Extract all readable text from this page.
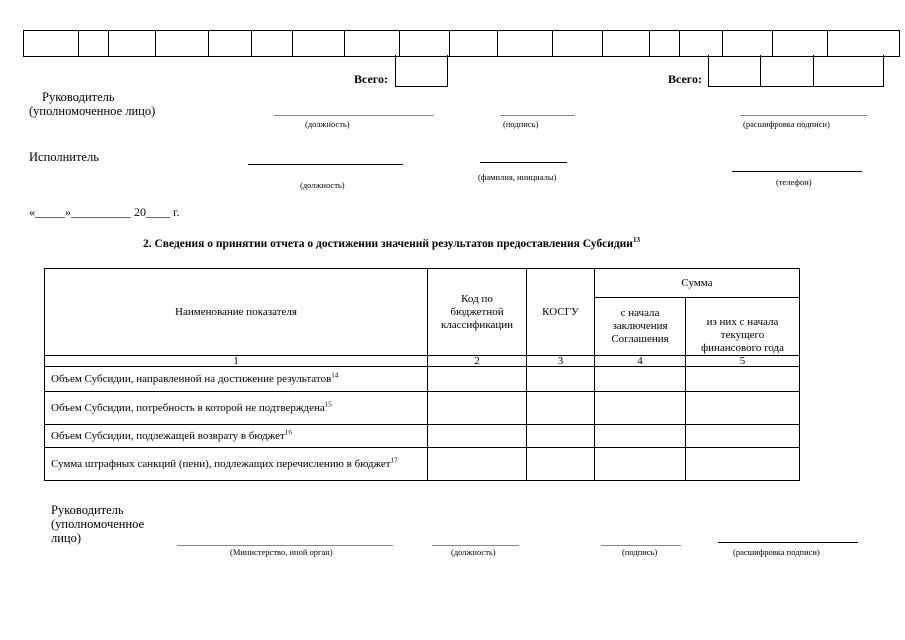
Всего:	Всего:
Руководитель
(уполномоченное лицо)
(должность)	(подпись)	(расшифровка подписи)
Исполнитель
(должность)
(фамилия, инициалы)	(телефон)
«_____»__________ 20____ г.
2. Сведения о принятии отчета о достижении значений результатов предоставления Субсидии$^{13}$
Наименование показателя	Код по бюджетной классификации	КОСГУ	Сумма	
			с начала заключения Соглашения	из них с начала текущего финансового года
1	2	3	4	5
Объем Субсидии, направленной на достижение результатов$^{14}$				
Объем Субсидии, потребность в которой не подтверждена$^{15}$				
Объем Субсидии, подлежащей возврату в бюджет$^{16}$				
Сумма штрафных санкций (пени), подлежащих перечислению в бюджет$^{17}$				
Руководитель
(уполномоченное
лицо)
(Министерство, иной орган)	(должность)	(подпись)	(расшифровка подписи)
